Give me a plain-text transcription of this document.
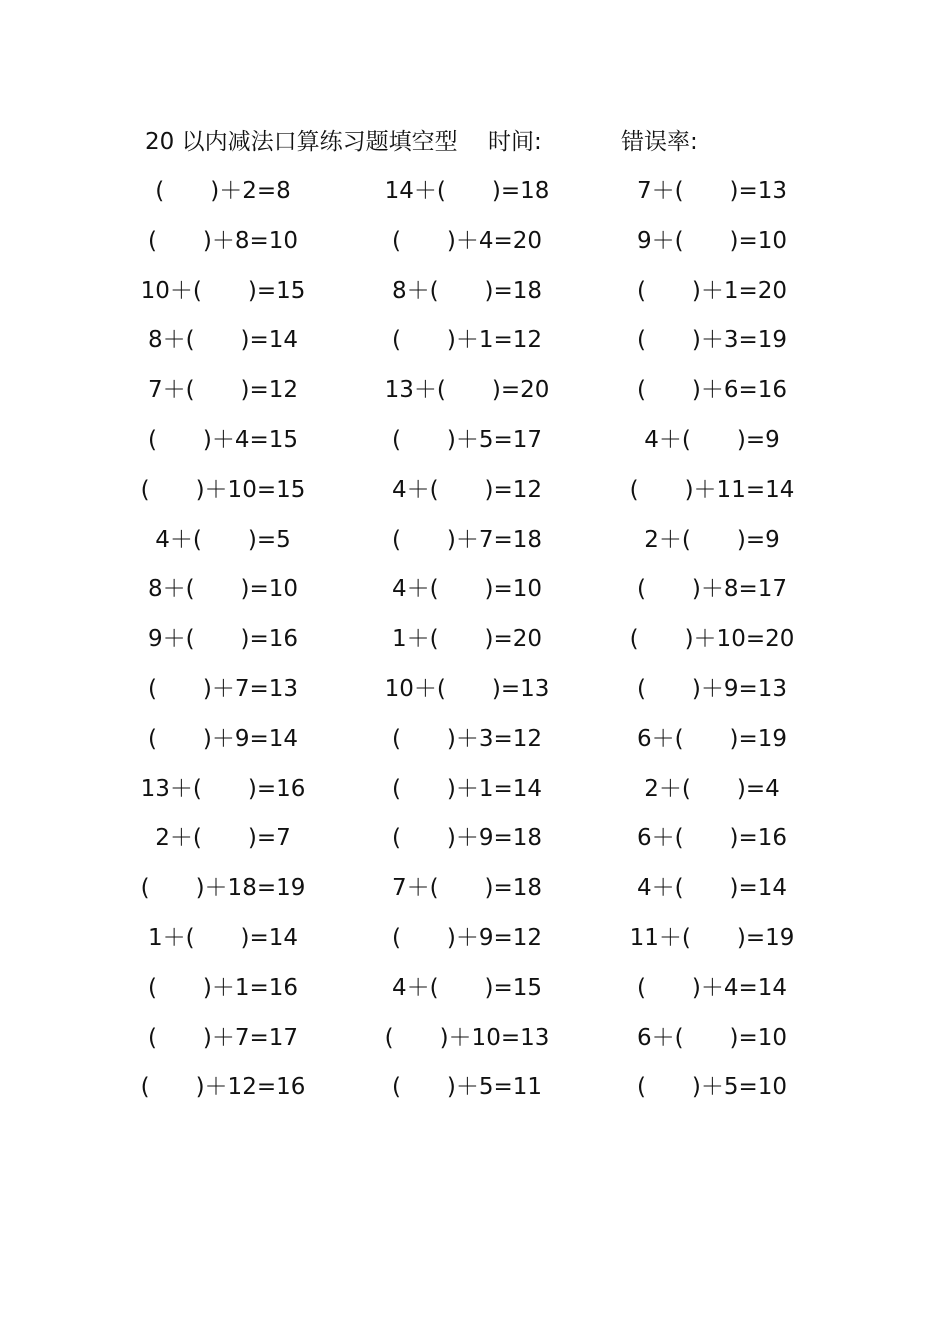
20 以内减法口算练习题填空型 时间:	错误率:
(　　)＋2=8	14＋(　　)=18	7＋(　　)=13
(　　)＋8=10	(　　)＋4=20	9＋(　　)=10
10＋(　　)=15	8＋(　　)=18	(　　)＋1=20
8＋(　　)=14	(　　)＋1=12	(　　)＋3=19
7＋(　　)=12	13＋(　　)=20	(　　)＋6=16
(　　)＋4=15	(　　)＋5=17	4＋(　　)=9
(　　)＋10=15	4＋(　　)=12	(　　)＋11=14
4＋(　　)=5	(　　)＋7=18	2＋(　　)=9
8＋(　　)=10	4＋(　　)=10	(　　)＋8=17
9＋(　　)=16	1＋(　　)=20	(　　)＋10=20
(　　)＋7=13	10＋(　　)=13	(　　)＋9=13
(　　)＋9=14	(　　)＋3=12	6＋(　　)=19
13＋(　　)=16	(　　)＋1=14	2＋(　　)=4
2＋(　　)=7	(　　)＋9=18	6＋(　　)=16
(　　)＋18=19	7＋(　　)=18	4＋(　　)=14
1＋(　　)=14	(　　)＋9=12	11＋(　　)=19
(　　)＋1=16	4＋(　　)=15	(　　)＋4=14
(　　)＋7=17	(　　)＋10=13	6＋(　　)=10
(　　)＋12=16	(　　)＋5=11	(　　)＋5=10
